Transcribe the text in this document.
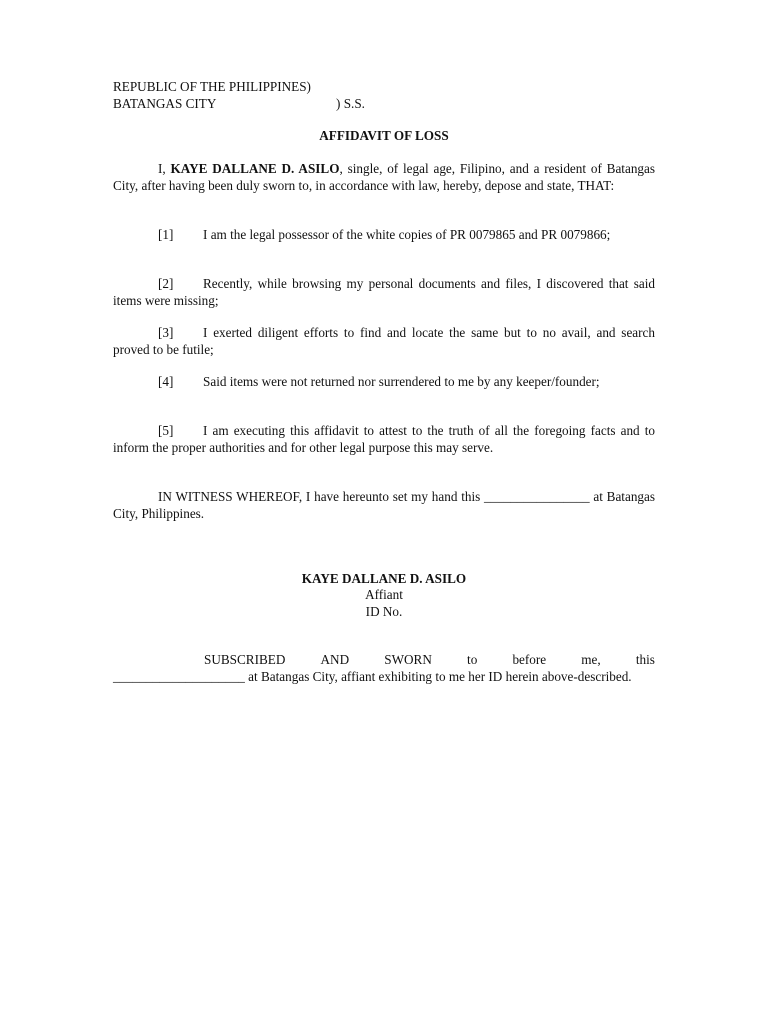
REPUBLIC OF THE PHILIPPINES)
BATANGAS CITY	) S.S.
AFFIDAVIT OF LOSS
I, KAYE DALLANE D. ASILO, single, of legal age, Filipino, and a resident of Batangas City, after having been duly sworn to, in accordance with law, hereby, depose and state, THAT:
[1] I am the legal possessor of the white copies of PR 0079865 and PR 0079866;
[2] Recently, while browsing my personal documents and files, I discovered that said items were missing;
[3] I exerted diligent efforts to find and locate the same but to no avail, and search proved to be futile;
[4] Said items were not returned nor surrendered to me by any keeper/founder;
[5] I am executing this affidavit to attest to the truth of all the foregoing facts and to inform the proper authorities and for other legal purpose this may serve.
IN WITNESS WHEREOF, I have hereunto set my hand this ________________ at Batangas City, Philippines.
KAYE DALLANE D. ASILO
Affiant
ID No.
SUBSCRIBED	AND	SWORN	to	before	me,	this
____________________ at Batangas City, affiant exhibiting to me her ID herein above-described.
